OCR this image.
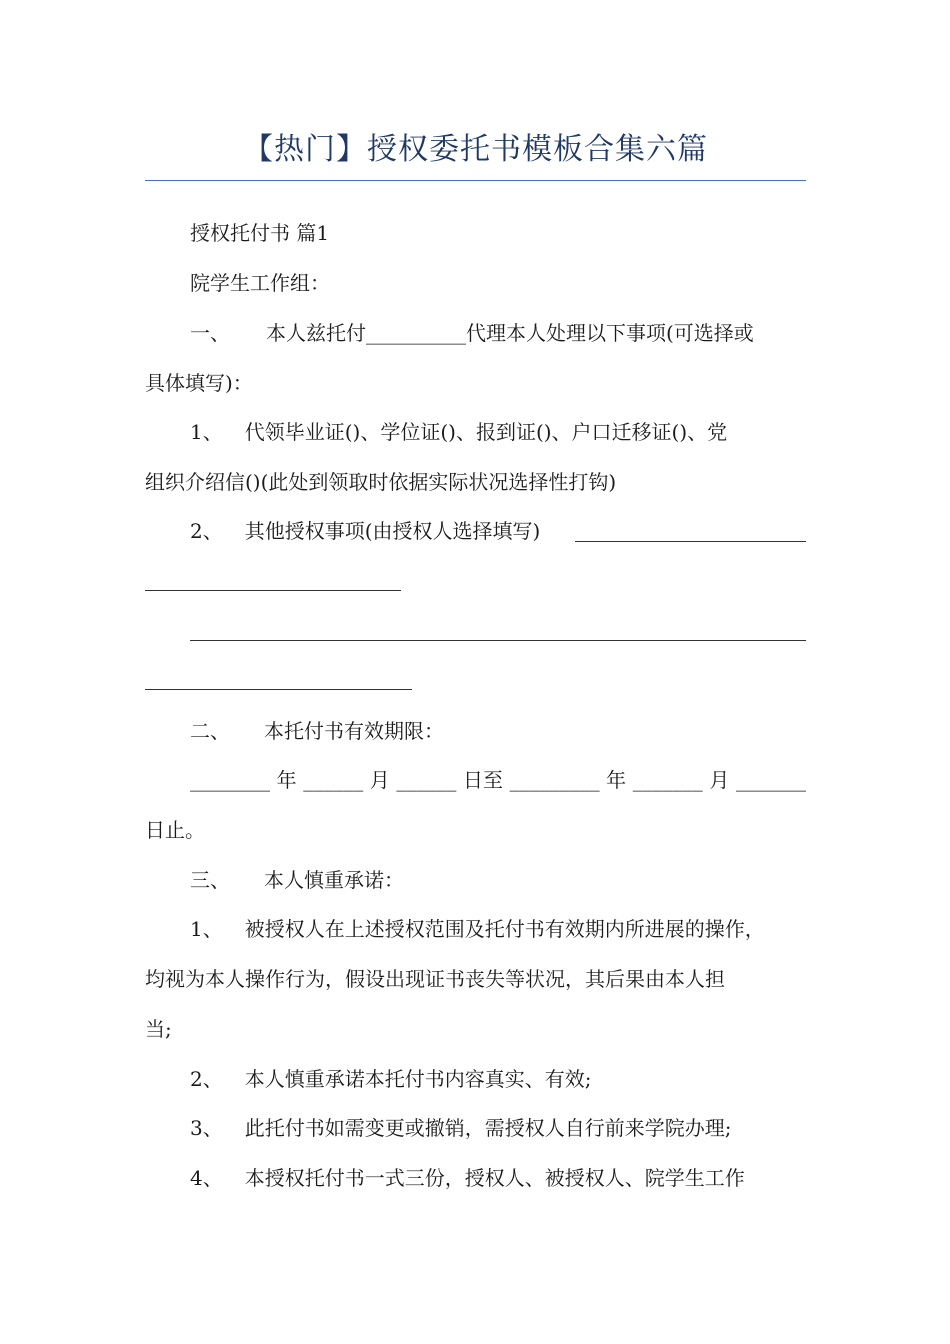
【热门】授权委托书模板合集六篇
授权托付书 篇1
院学生工作组：
一、 本人兹托付__________代理本人处理以下事项(可选择或
具体填写)：
1、 代领毕业证()、学位证()、报到证()、户口迁移证()、党
组织介绍信()(此处到领取时依据实际状况选择性打钩)
2、 其他授权事项(由授权人选择填写)
二、 本托付书有效期限：
________ 年 ______ 月 ______ 日至 _________ 年 _______ 月 _______
日止。
三、 本人慎重承诺：
1、 被授权人在上述授权范围及托付书有效期内所进展的操作，
均视为本人操作行为，假设出现证书丧失等状况，其后果由本人担
当;
2、 本人慎重承诺本托付书内容真实、有效;
3、 此托付书如需变更或撤销，需授权人自行前来学院办理;
4、 本授权托付书一式三份，授权人、被授权人、院学生工作
